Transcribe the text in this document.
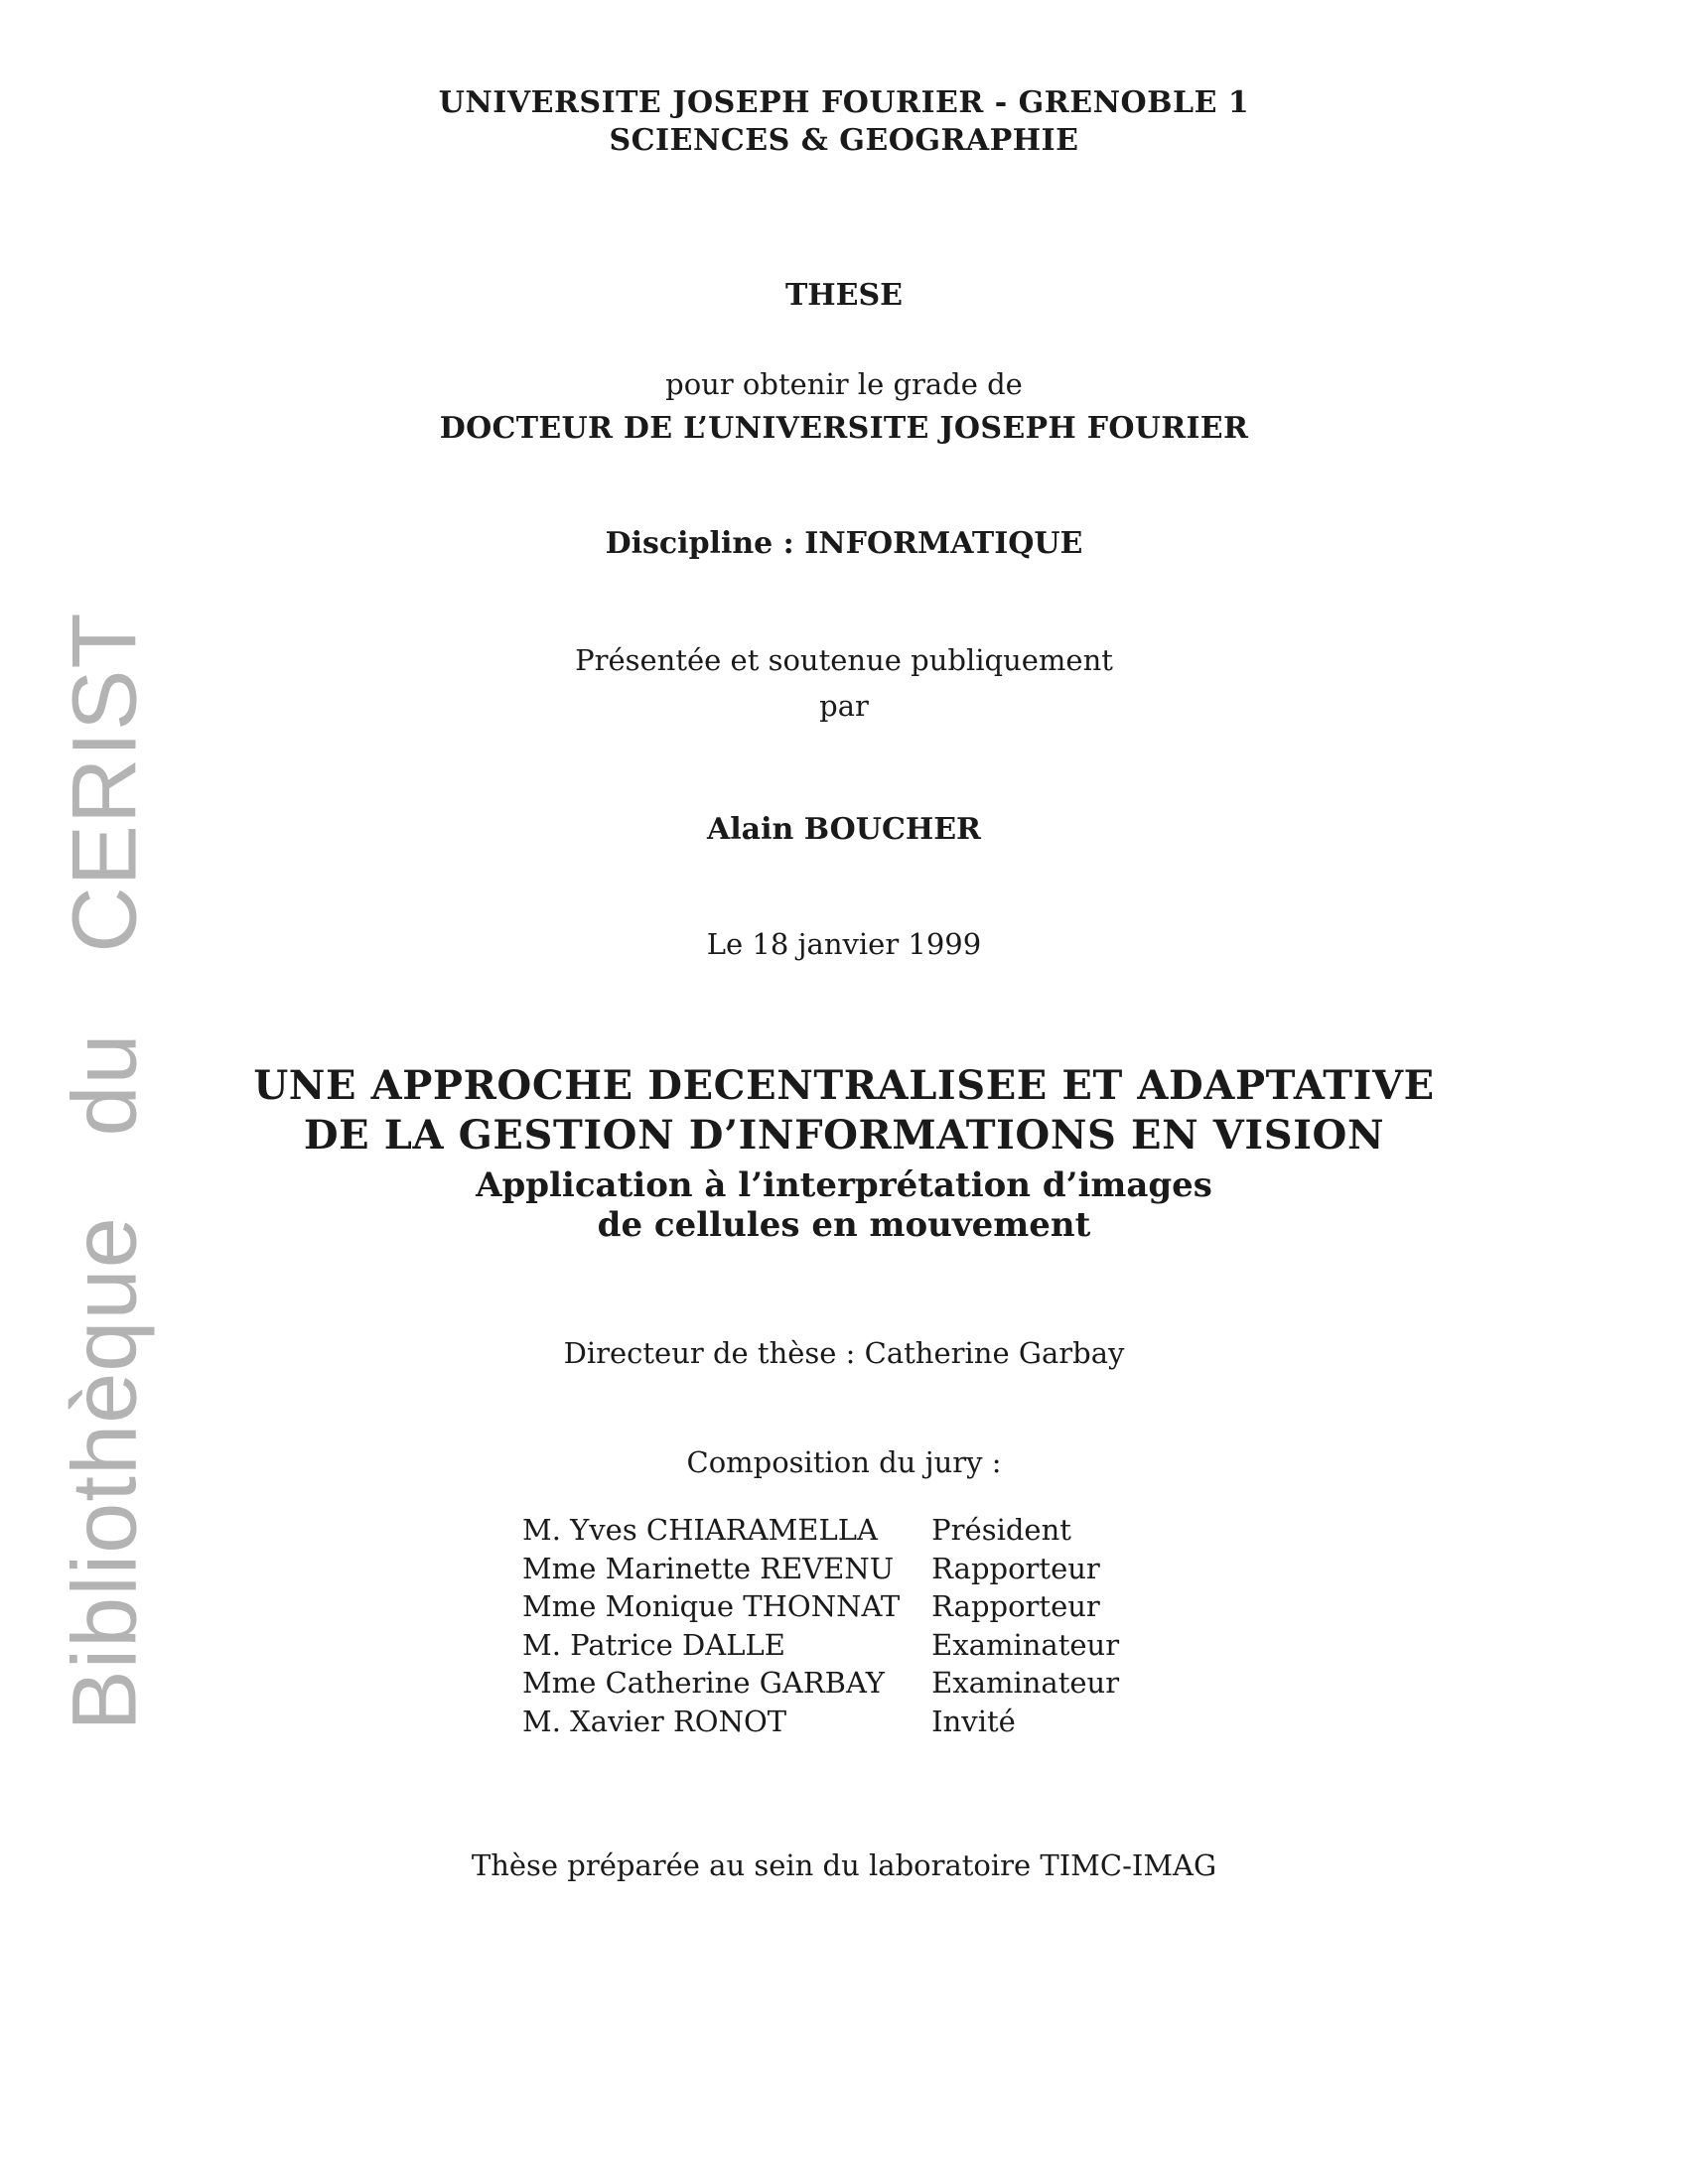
Bibliothèque du CERIST
UNIVERSITE JOSEPH FOURIER - GRENOBLE 1
SCIENCES & GEOGRAPHIE
THESE
pour obtenir le grade de
DOCTEUR DE L’UNIVERSITE JOSEPH FOURIER
Discipline : INFORMATIQUE
Présentée et soutenue publiquement
par
Alain BOUCHER
Le 18 janvier 1999
UNE APPROCHE DECENTRALISEE ET ADAPTATIVE
DE LA GESTION D’INFORMATIONS EN VISION
Application à l’interprétation d’images
de cellules en mouvement
Directeur de thèse : Catherine Garbay
Composition du jury :
M. Yves CHIARAMELLA	Président
Mme Marinette REVENU	Rapporteur
Mme Monique THONNAT	Rapporteur
M. Patrice DALLE	Examinateur
Mme Catherine GARBAY	Examinateur
M. Xavier RONOT	Invité
Thèse préparée au sein du laboratoire TIMC-IMAG
